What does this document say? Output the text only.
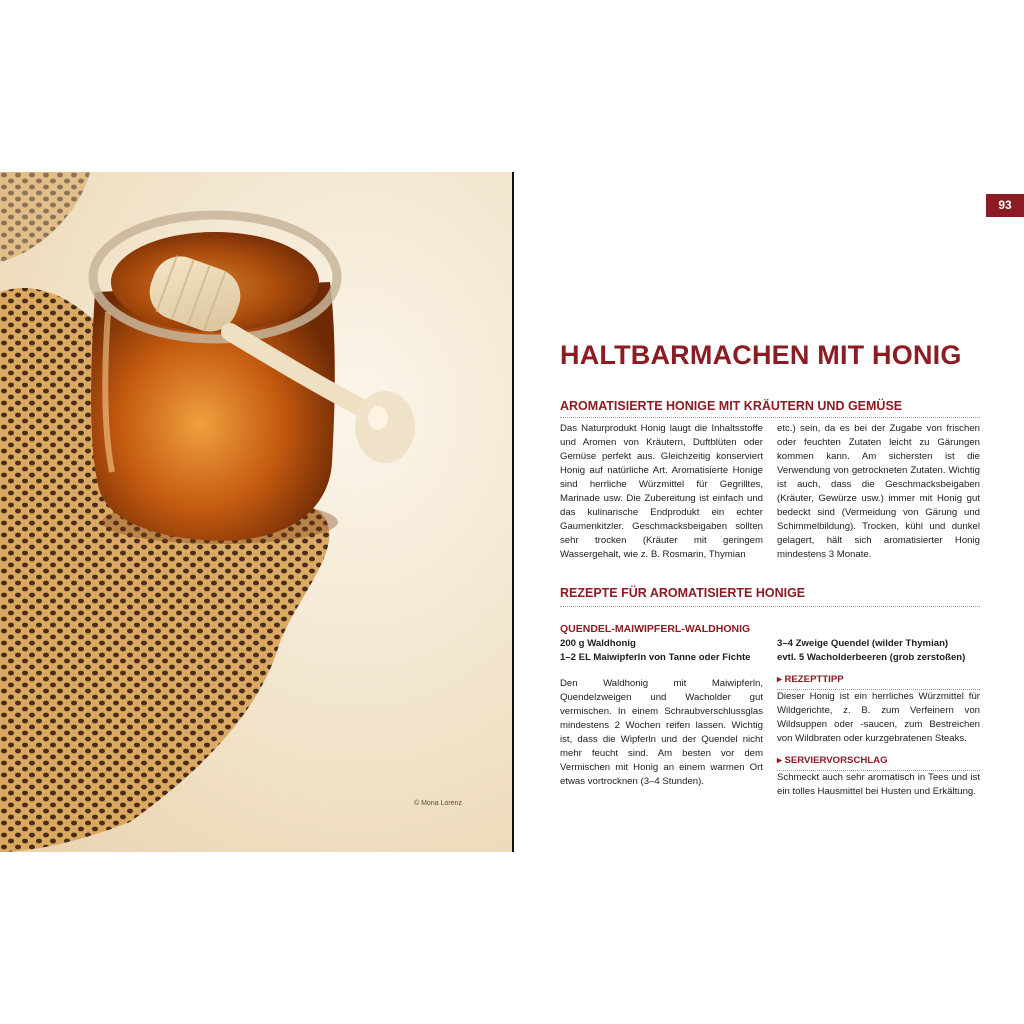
© Mona Lorenz
93
HALTBARMACHEN MIT HONIG
AROMATISIERTE HONIGE MIT KRÄUTERN UND GEMÜSE

Das Naturprodukt Honig laugt die Inhaltsstoffe und Aromen von Kräutern, Duftblüten oder Gemüse perfekt aus. Gleichzeitig konserviert Honig auf natürliche Art. Aromatisierte Honige sind herrliche Würzmittel für Gegrilltes, Marinade usw. Die Zubereitung ist einfach und das kulinarische Endprodukt ein echter Gaumenkitzler. Geschmacksbeigaben sollten sehr trocken (Kräuter mit geringem Wassergehalt, wie z. B. Rosmarin, Thymian

etc.) sein, da es bei der Zugabe von frischen oder feuchten Zutaten leicht zu Gärungen kommen kann. Am sichersten ist die Verwendung von getrockneten Zutaten. Wichtig ist auch, dass die Geschmacksbeigaben (Kräuter, Gewürze usw.) immer mit Honig gut bedeckt sind (Vermeidung von Gärung und Schimmelbildung). Trocken, kühl und dunkel gelagert, hält sich aromatisierter Honig mindestens 3 Monate.

REZEPTE FÜR AROMATISIERTE HONIGE
QUENDEL-MAIWIPFERL-WALDHONIG
200 g Waldhonig
1–2 EL Maiwipferln von Tanne oder Fichte
3–4 Zweige Quendel (wilder Thymian)
evtl. 5 Wacholderbeeren (grob zerstoßen)

Den Waldhonig mit Maiwipferln, Quendelzweigen und Wacholder gut vermischen. In einem Schraubverschlussglas mindestens 2 Wochen reifen lassen. Wichtig ist, dass die Wipferln und der Quendel nicht mehr feucht sind. Am besten vor dem Vermischen mit Honig an einem warmen Ort etwas vortrocknen (3–4 Stunden).

▸ REZEPTTIPP

Dieser Honig ist ein herrliches Würzmittel für Wildgerichte, z. B. zum Verfeinern von Wildsuppen oder -saucen, zum Bestreichen von Wildbraten oder kurzgebratenen Steaks.

▸ SERVIERVORSCHLAG

Schmeckt auch sehr aromatisch in Tees und ist ein tolles Hausmittel bei Husten und Erkältung.
